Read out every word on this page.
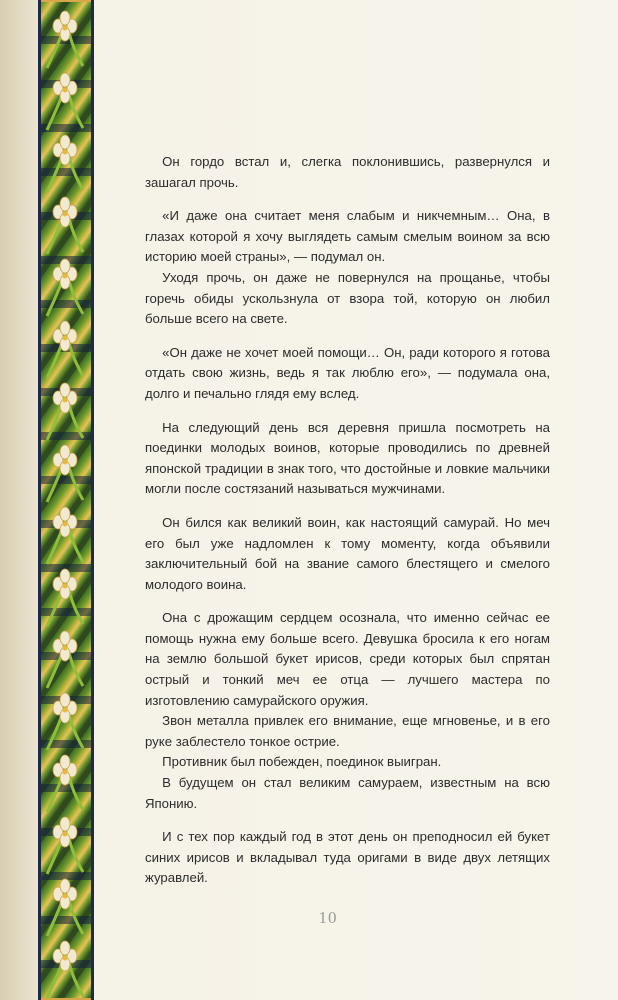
Он гордо встал и, слегка поклонившись, развернулся и зашагал прочь.

«И даже она считает меня слабым и никчемным… Она, в глазах которой я хочу выглядеть самым смелым воином за всю историю моей страны», — подумал он.

Уходя прочь, он даже не повернулся на прощанье, чтобы горечь обиды ускользнула от взора той, которую он любил больше всего на свете.

«Он даже не хочет моей помощи… Он, ради которого я готова отдать свою жизнь, ведь я так люблю его», — подумала она, долго и печально глядя ему вслед.

На следующий день вся деревня пришла посмотреть на поединки молодых воинов, которые проводились по древней японской традиции в знак того, что достойные и ловкие мальчики могли после состязаний называться мужчинами.

Он бился как великий воин, как настоящий самурай. Но меч его был уже надломлен к тому моменту, когда объявили заключительный бой на звание самого блестящего и смелого молодого воина.

Она с дрожащим сердцем осознала, что именно сейчас ее помощь нужна ему больше всего. Девушка бросила к его ногам на землю большой букет ирисов, среди которых был спрятан острый и тонкий меч ее отца — лучшего мастера по изготовлению самурайского оружия.

Звон металла привлек его внимание, еще мгновенье, и в его руке заблестело тонкое острие.

Противник был побежден, поединок выигран.

В будущем он стал великим самураем, известным на всю Японию.

И с тех пор каждый год в этот день он преподносил ей букет синих ирисов и вкладывал туда оригами в виде двух летящих журавлей.

10
